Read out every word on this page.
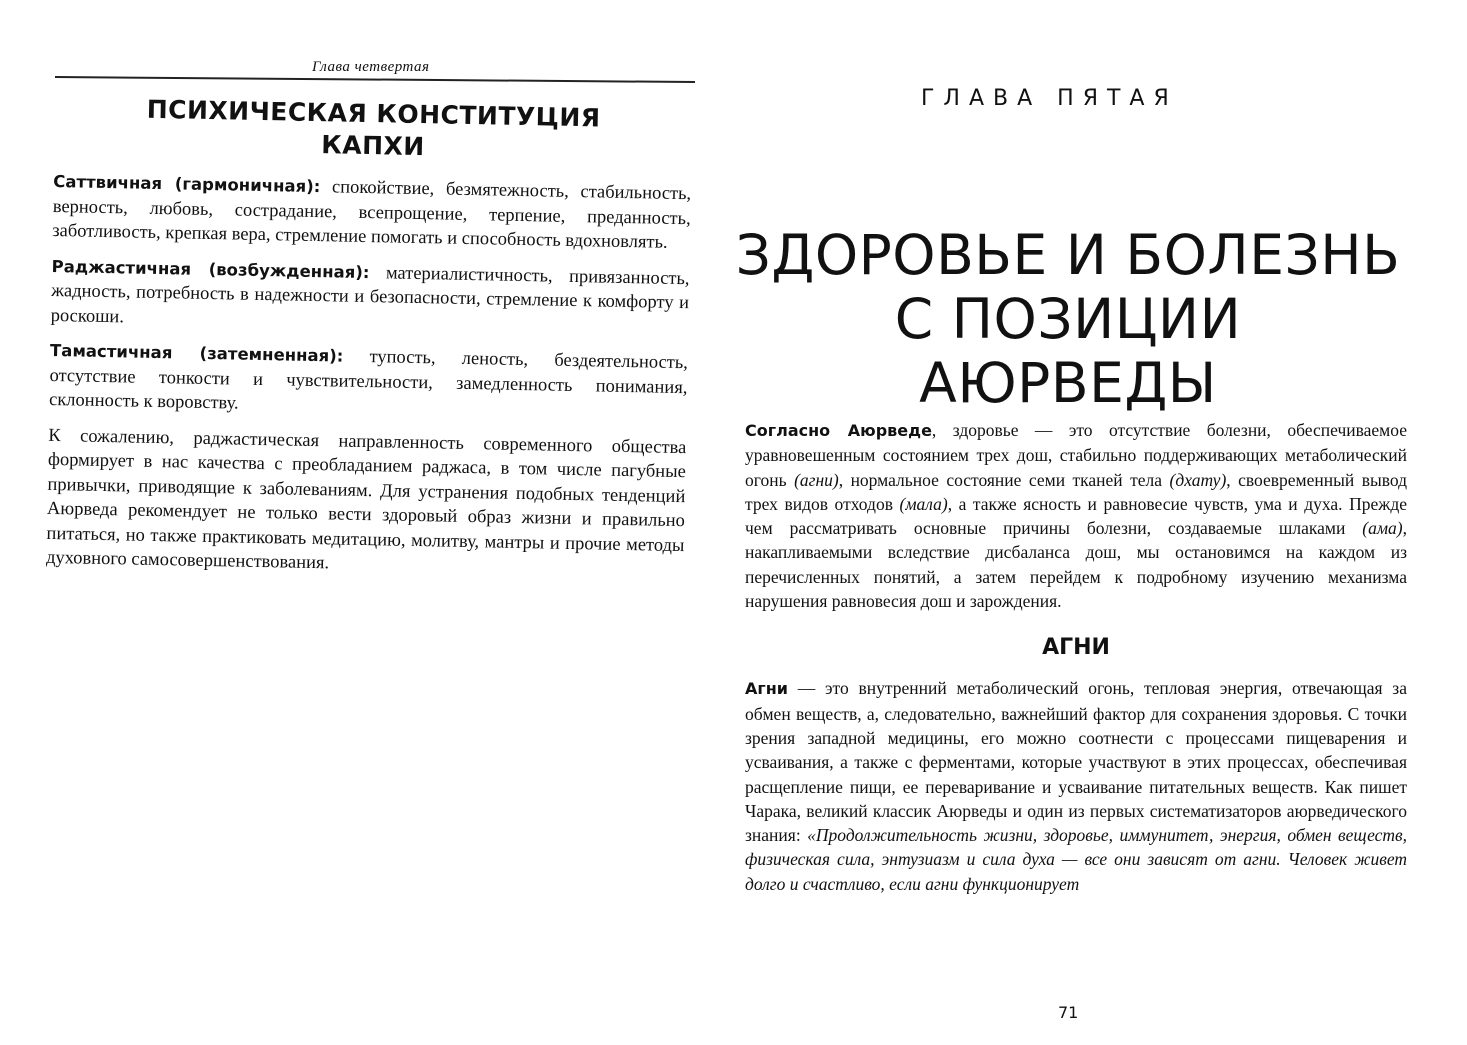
Глава четвертая
ПСИХИЧЕСКАЯ КОНСТИТУЦИЯ
КАПХИ

Саттвичная (гармоничная): спокойствие, безмятежность, стабильность, верность, любовь, сострадание, всепрощение, терпение, преданность, заботливость, крепкая вера, стремление помогать и способность вдохновлять.

Раджастичная (возбужденная): материалистичность, привязанность, жадность, потребность в надежности и безопасности, стремление к комфорту и роскоши.

Тамастичная (затемненная): тупость, леность, бездеятельность, отсутствие тонкости и чувствительности, замедленность понимания, склонность к воровству.

К сожалению, раджастическая направленность современного общества формирует в нас качества с преобладанием раджаса, в том числе пагубные привычки, приводящие к заболеваниям. Для устранения подобных тенденций Аюрведа рекомендует не только вести здоровый образ жизни и правильно питаться, но также практиковать медитацию, молитву, мантры и прочие методы духовного самосовершенствования.

ГЛАВА ПЯТАЯ
ЗДОРОВЬЕ И БОЛЕЗНЬ
С ПОЗИЦИИ
АЮРВЕДЫ

Согласно Аюрведе, здоровье — это отсутствие болезни, обеспечиваемое уравновешенным состоянием трех дош, стабильно поддерживающих метаболический огонь (агни), нормальное состояние семи тканей тела (дхату), своевременный вывод трех видов отходов (мала), а также ясность и равновесие чувств, ума и духа. Прежде чем рассматривать основные причины болезни, создаваемые шлаками (ама), накапливаемыми вследствие дисбаланса дош, мы остановимся на каждом из перечисленных понятий, а затем перейдем к подробному изучению механизма нарушения равновесия дош и зарождения.

АГНИ

Агни — это внутренний метаболический огонь, тепловая энергия, отвечающая за обмен веществ, а, следовательно, важнейший фактор для сохранения здоровья. С точки зрения западной медицины, его можно соотнести с процессами пищеварения и усваивания, а также с ферментами, которые участвуют в этих процессах, обеспечивая расщепление пищи, ее переваривание и усваивание питательных веществ. Как пишет Чарака, великий классик Аюрведы и один из первых систематизаторов аюрведического знания: «Продолжительность жизни, здоровье, иммунитет, энергия, обмен веществ, физическая сила, энтузиазм и сила духа — все они зависят от агни. Человек живет долго и счастливо, если агни функционирует

71
